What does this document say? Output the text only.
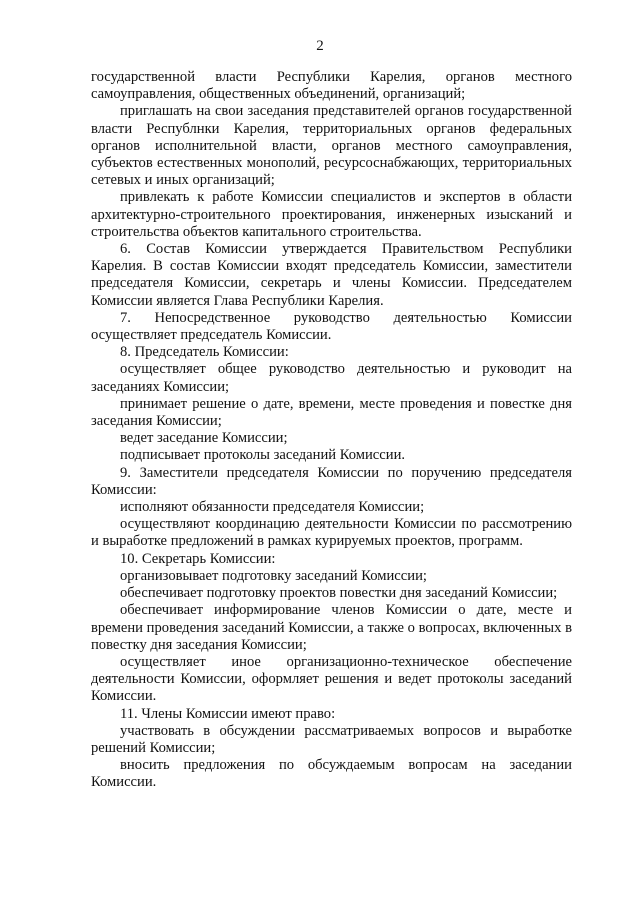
2

государственной власти Республики Карелия, органов местного самоуправления, общественных объединений, организаций;

приглашать на свои заседания представителей органов государственной власти Республнки Карелия, территориальных органов федеральных органов исполнительной власти, органов местного самоуправления, субъектов естественных монополий, ресурсоснабжающих, территориальных сетевых и иных организаций;

привлекать к работе Комиссии специалистов и экспертов в области архитектурно-строительного проектирования, инженерных изысканий и строительства объектов капитального строительства.

6. Состав Комиссии утверждается Правительством Республики Карелия. В состав Комиссии входят председатель Комиссии, заместители председателя Комиссии, секретарь и члены Комиссии. Председателем Комиссии является Глава Республики Карелия.

7. Непосредственное руководство деятельностью Комиссии осуществляет председатель Комиссии.

8. Председатель Комиссии:

осуществляет общее руководство деятельностью и руководит на заседаниях Комиссии;

принимает решение о дате, времени, месте проведения и повестке дня заседания Комиссии;

ведет заседание Комиссии;

подписывает протоколы заседаний Комиссии.

9. Заместители председателя Комиссии по поручению председателя Комиссии:

исполняют обязанности председателя Комиссии;

осуществляют координацию деятельности Комиссии по рассмотрению и выработке предложений в рамках курируемых проектов, программ.

10. Секретарь Комиссии:

организовывает подготовку заседаний Комиссии;

обеспечивает подготовку проектов повестки дня заседаний Комиссии;

обеспечивает информирование членов Комиссии о дате, месте и времени проведения заседаний Комиссии, а также о вопросах, включенных в повестку дня заседания Комиссии;

осуществляет иное организационно-техническое обеспечение деятельности Комиссии, оформляет решения и ведет протоколы заседаний Комиссии.

11. Члены Комиссии имеют право:

участвовать в обсуждении рассматриваемых вопросов и выработке решений Комиссии;

вносить предложения по обсуждаемым вопросам на заседании Комиссии.
